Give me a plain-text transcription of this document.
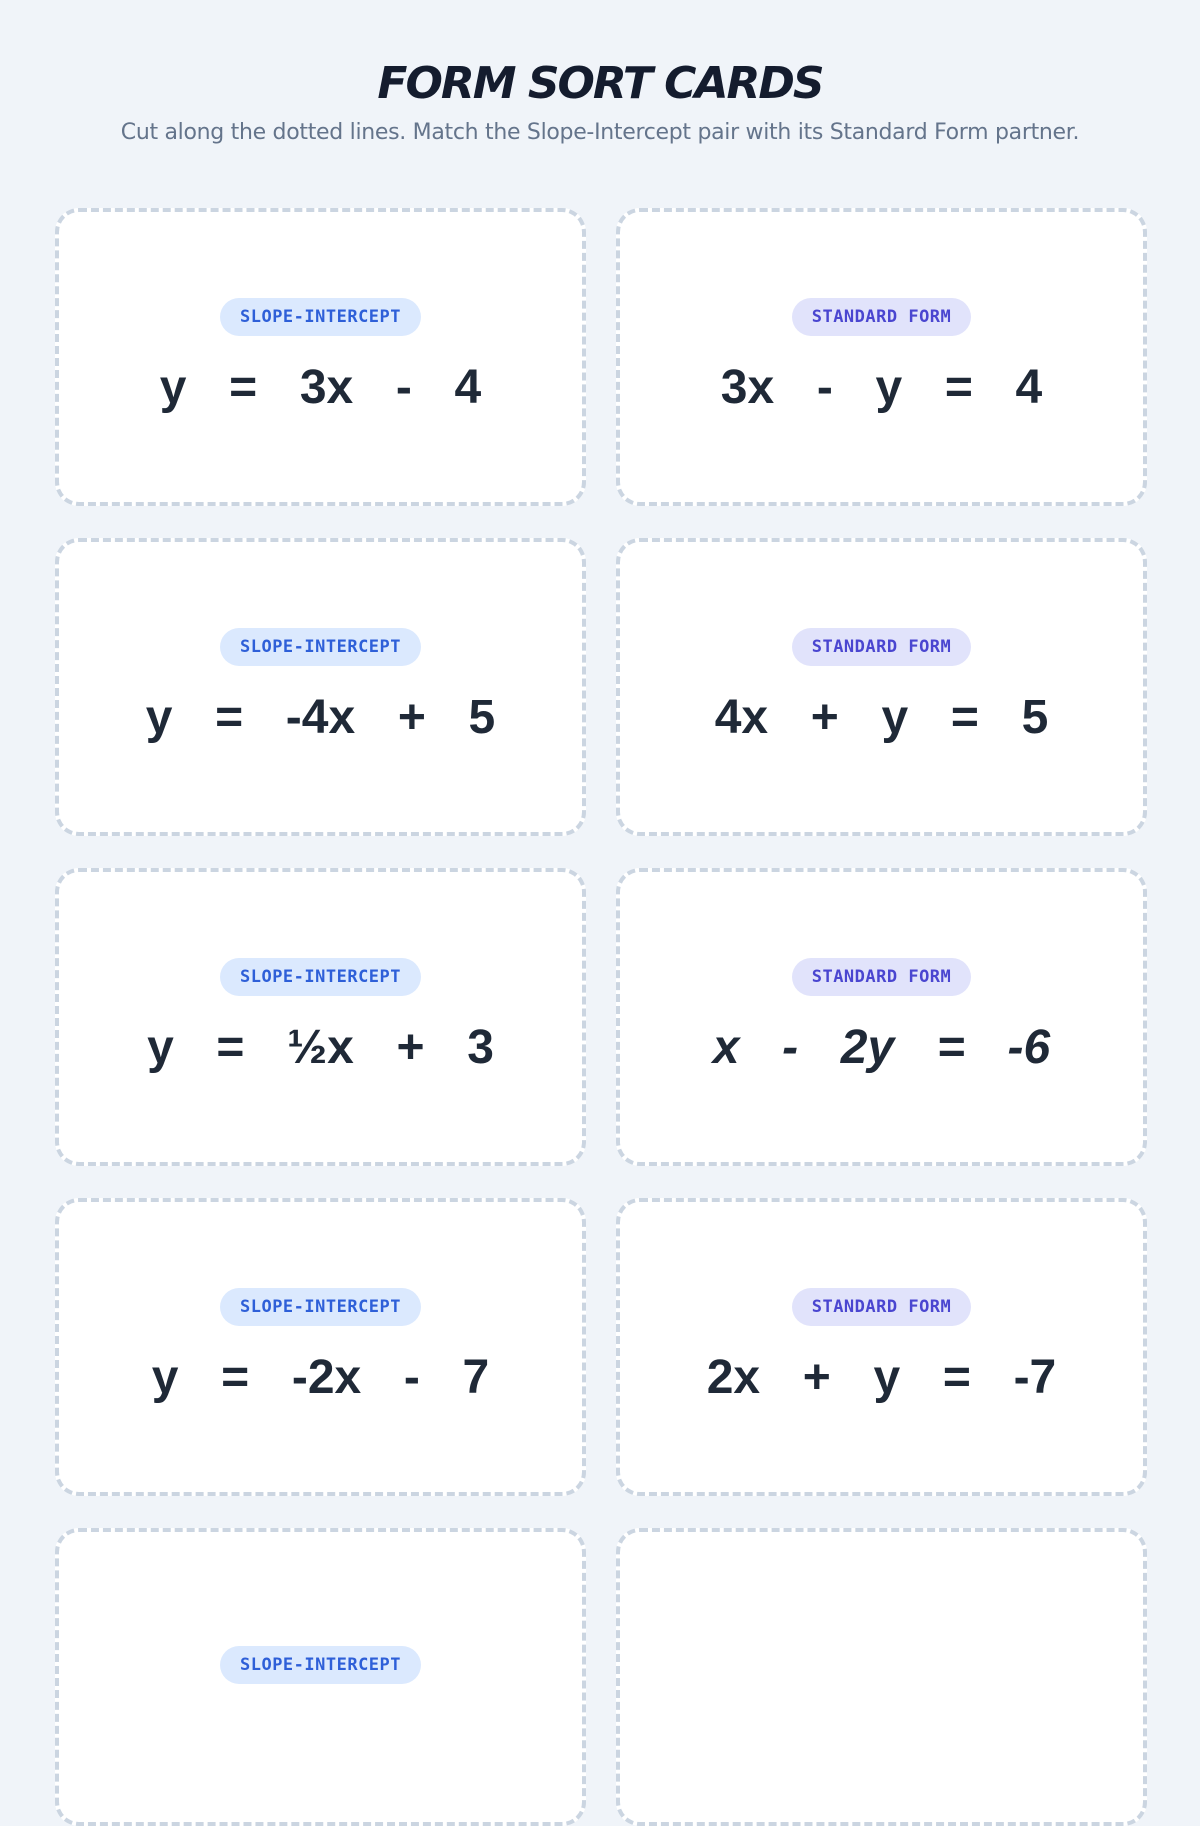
FORM SORT CARDS

Cut along the dotted lines. Match the Slope-Intercept pair with its Standard Form partner.

SLOPE-INTERCEPT
y  =  3x  -  4
STANDARD FORM
3x  -  y  =  4
SLOPE-INTERCEPT
y  =  -4x  +  5
STANDARD FORM
4x  +  y  =  5
SLOPE-INTERCEPT
y  =  ½x  +  3
STANDARD FORM
x  -  2y  =  -6
SLOPE-INTERCEPT
y  =  -2x  -  7
STANDARD FORM
2x  +  y  =  -7
SLOPE-INTERCEPT
